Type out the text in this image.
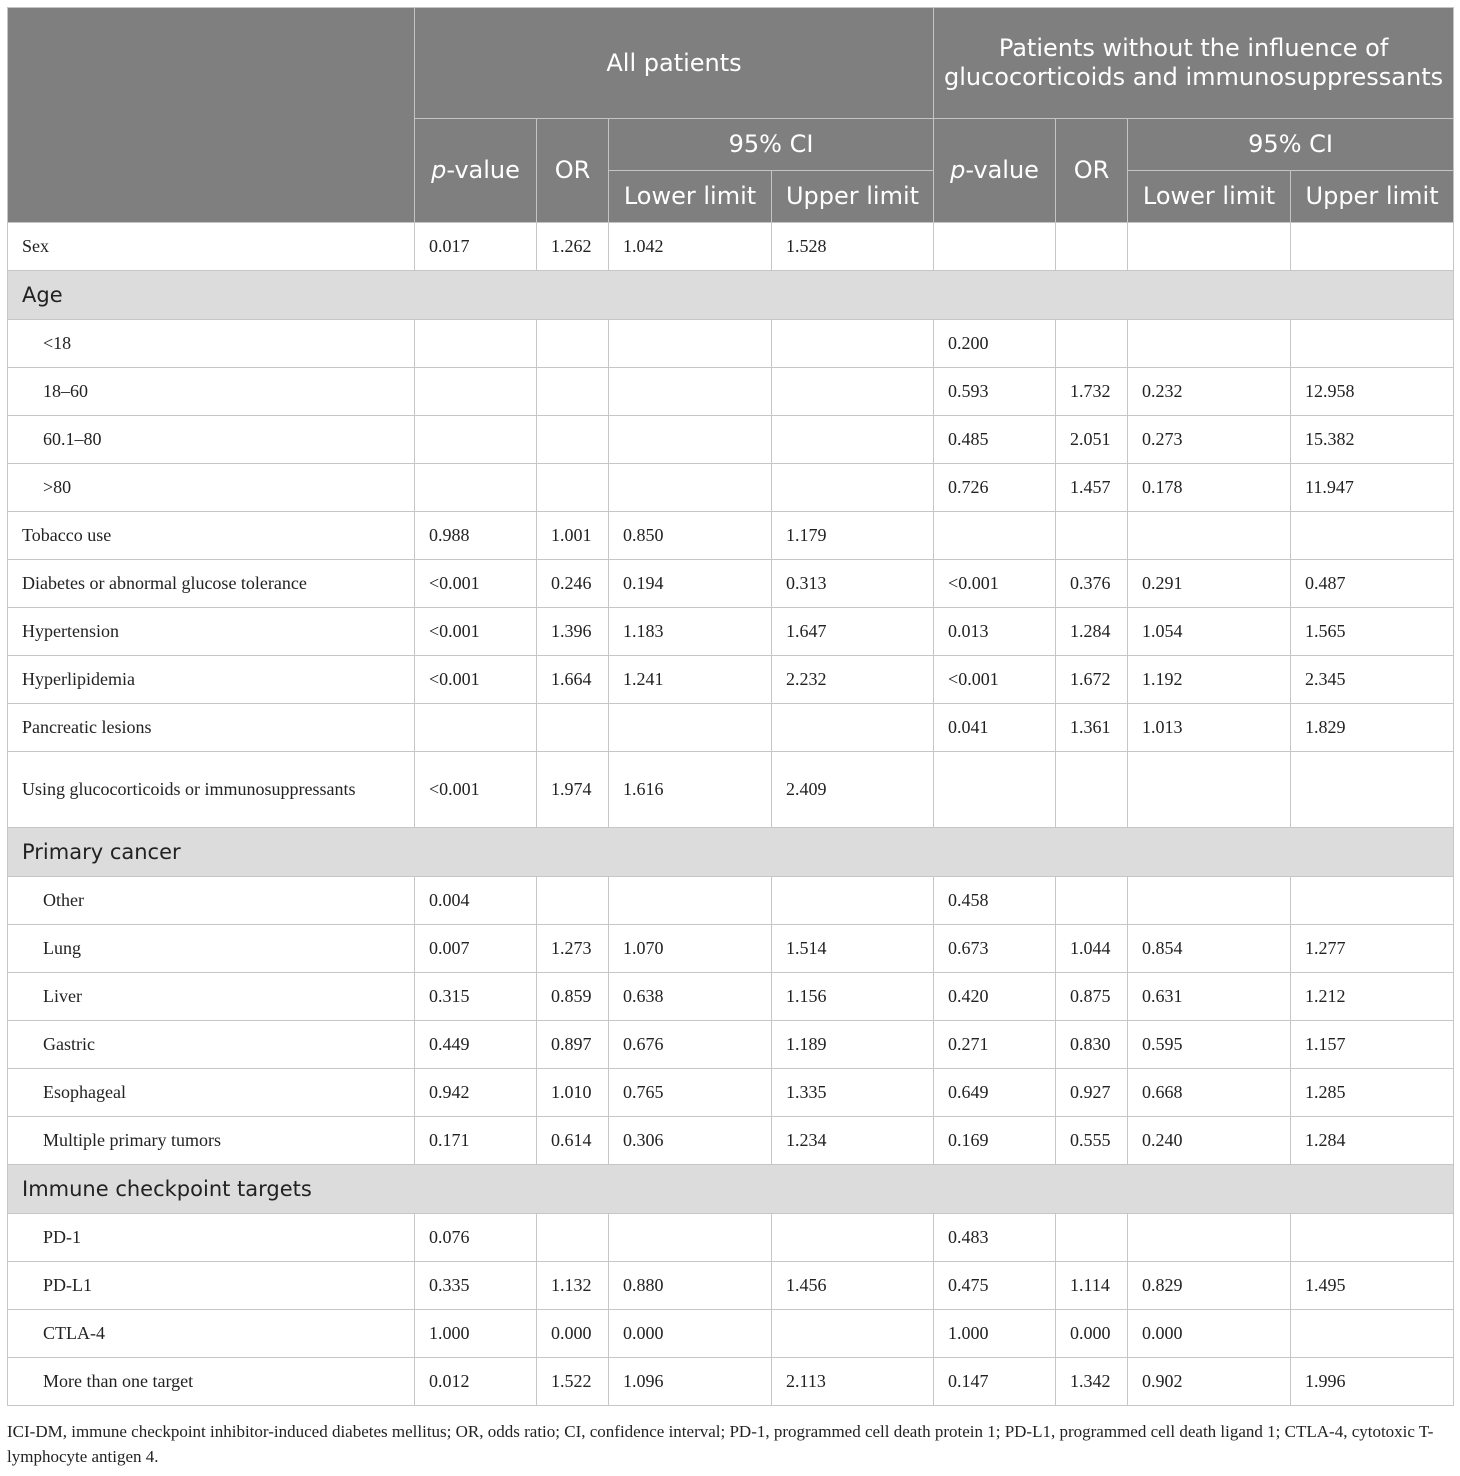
	All patients				Patients without the influence of glucocorticoids and immunosuppressants			
	p-value	OR	95% CI		p-value	OR	95% CI	
			Lower limit	Upper limit			Lower limit	Upper limit
Sex	0.017	1.262	1.042	1.528				
Age								
<18					0.200			
18–60					0.593	1.732	0.232	12.958
60.1–80					0.485	2.051	0.273	15.382
>80					0.726	1.457	0.178	11.947
Tobacco use	0.988	1.001	0.850	1.179				
Diabetes or abnormal glucose tolerance	<0.001	0.246	0.194	0.313	<0.001	0.376	0.291	0.487
Hypertension	<0.001	1.396	1.183	1.647	0.013	1.284	1.054	1.565
Hyperlipidemia	<0.001	1.664	1.241	2.232	<0.001	1.672	1.192	2.345
Pancreatic lesions					0.041	1.361	1.013	1.829
Using glucocorticoids or immunosuppressants	<0.001	1.974	1.616	2.409				
Primary cancer								
Other	0.004				0.458			
Lung	0.007	1.273	1.070	1.514	0.673	1.044	0.854	1.277
Liver	0.315	0.859	0.638	1.156	0.420	0.875	0.631	1.212
Gastric	0.449	0.897	0.676	1.189	0.271	0.830	0.595	1.157
Esophageal	0.942	1.010	0.765	1.335	0.649	0.927	0.668	1.285
Multiple primary tumors	0.171	0.614	0.306	1.234	0.169	0.555	0.240	1.284
Immune checkpoint targets								
PD-1	0.076				0.483			
PD-L1	0.335	1.132	0.880	1.456	0.475	1.114	0.829	1.495
CTLA-4	1.000	0.000	0.000		1.000	0.000	0.000	
More than one target	0.012	1.522	1.096	2.113	0.147	1.342	0.902	1.996
ICI-DM, immune checkpoint inhibitor-induced diabetes mellitus; OR, odds ratio; CI, confidence interval; PD-1, programmed cell death protein 1; PD-L1, programmed cell death ligand 1; CTLA-4, cytotoxic T-lymphocyte antigen 4.
